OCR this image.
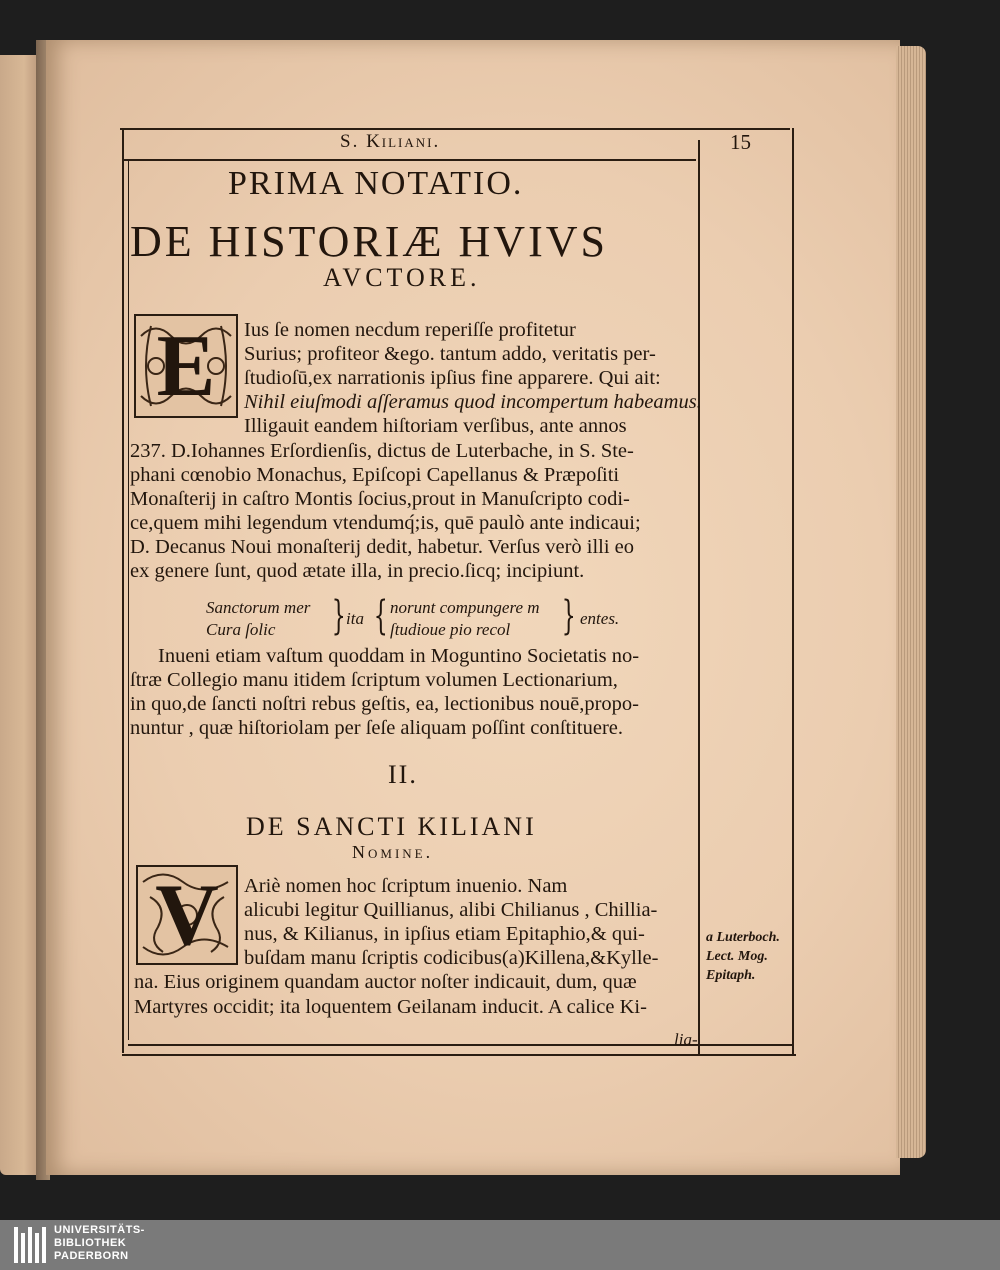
S. Kiliani.	15
PRIMA NOTATIO.
DE HISTORIÆ HVIVS
AVCTORE.
E	Ius ſe nomen necdum reperiſſe profitetur
Surius; profiteor &ego. tantum addo, veritatis per-
ſtudioſū,ex narrationis ipſius fine apparere. Qui ait:
Nihil eiuſmodi aſſeramus quod incompertum habeamus.
Illigauit eandem hiſtoriam verſibus, ante annos
237. D.Iohannes Erſordienſis, dictus de Luterbache, in S. Ste-
phani cœnobio Monachus, Epiſcopi Capellanus & Præpoſiti
Monaſterij in caſtro Montis ſocius,prout in Manuſcripto codi-
ce,quem mihi legendum vtendumq́;is, quē paulò ante indicaui;
D. Decanus Noui monaſterij dedit, habetur. Verſus verò illi eo
ex genere ſunt, quod ætate illa, in precio.ſicq; incipiunt.
Sanctorum mer
Cura ſolic } ita { norunt compungere m
ſtudioue pio recol } entes.
Inueni etiam vaſtum quoddam in Moguntino Societatis no-
ſtræ Collegio manu itidem ſcriptum volumen Lectionarium,
in quo,de ſancti noſtri rebus geſtis, ea, lectionibus nouē,propo-
nuntur , quæ hiſtoriolam per ſeſe aliquam poſſint conſtituere.
II.
DE SANCTI KILIANI
Nomine.
V	Ariè nomen hoc ſcriptum inuenio. Nam
alicubi legitur Quillianus, alibi Chilianus , Chillia-
nus, & Kilianus, in ipſius etiam Epitaphio,& qui-
buſdam manu ſcriptis codicibus(a)Killena,&Kylle-
na. Eius originem quandam auctor noſter indicauit, dum, quæ
Martyres occidit; ita loquentem Geilanam inducit. A calice Ki-
lia-
a Luterboch.
Lect. Mog.
Epitaph.
UNIVERSITÄTS-
BIBLIOTHEK
PADERBORN
